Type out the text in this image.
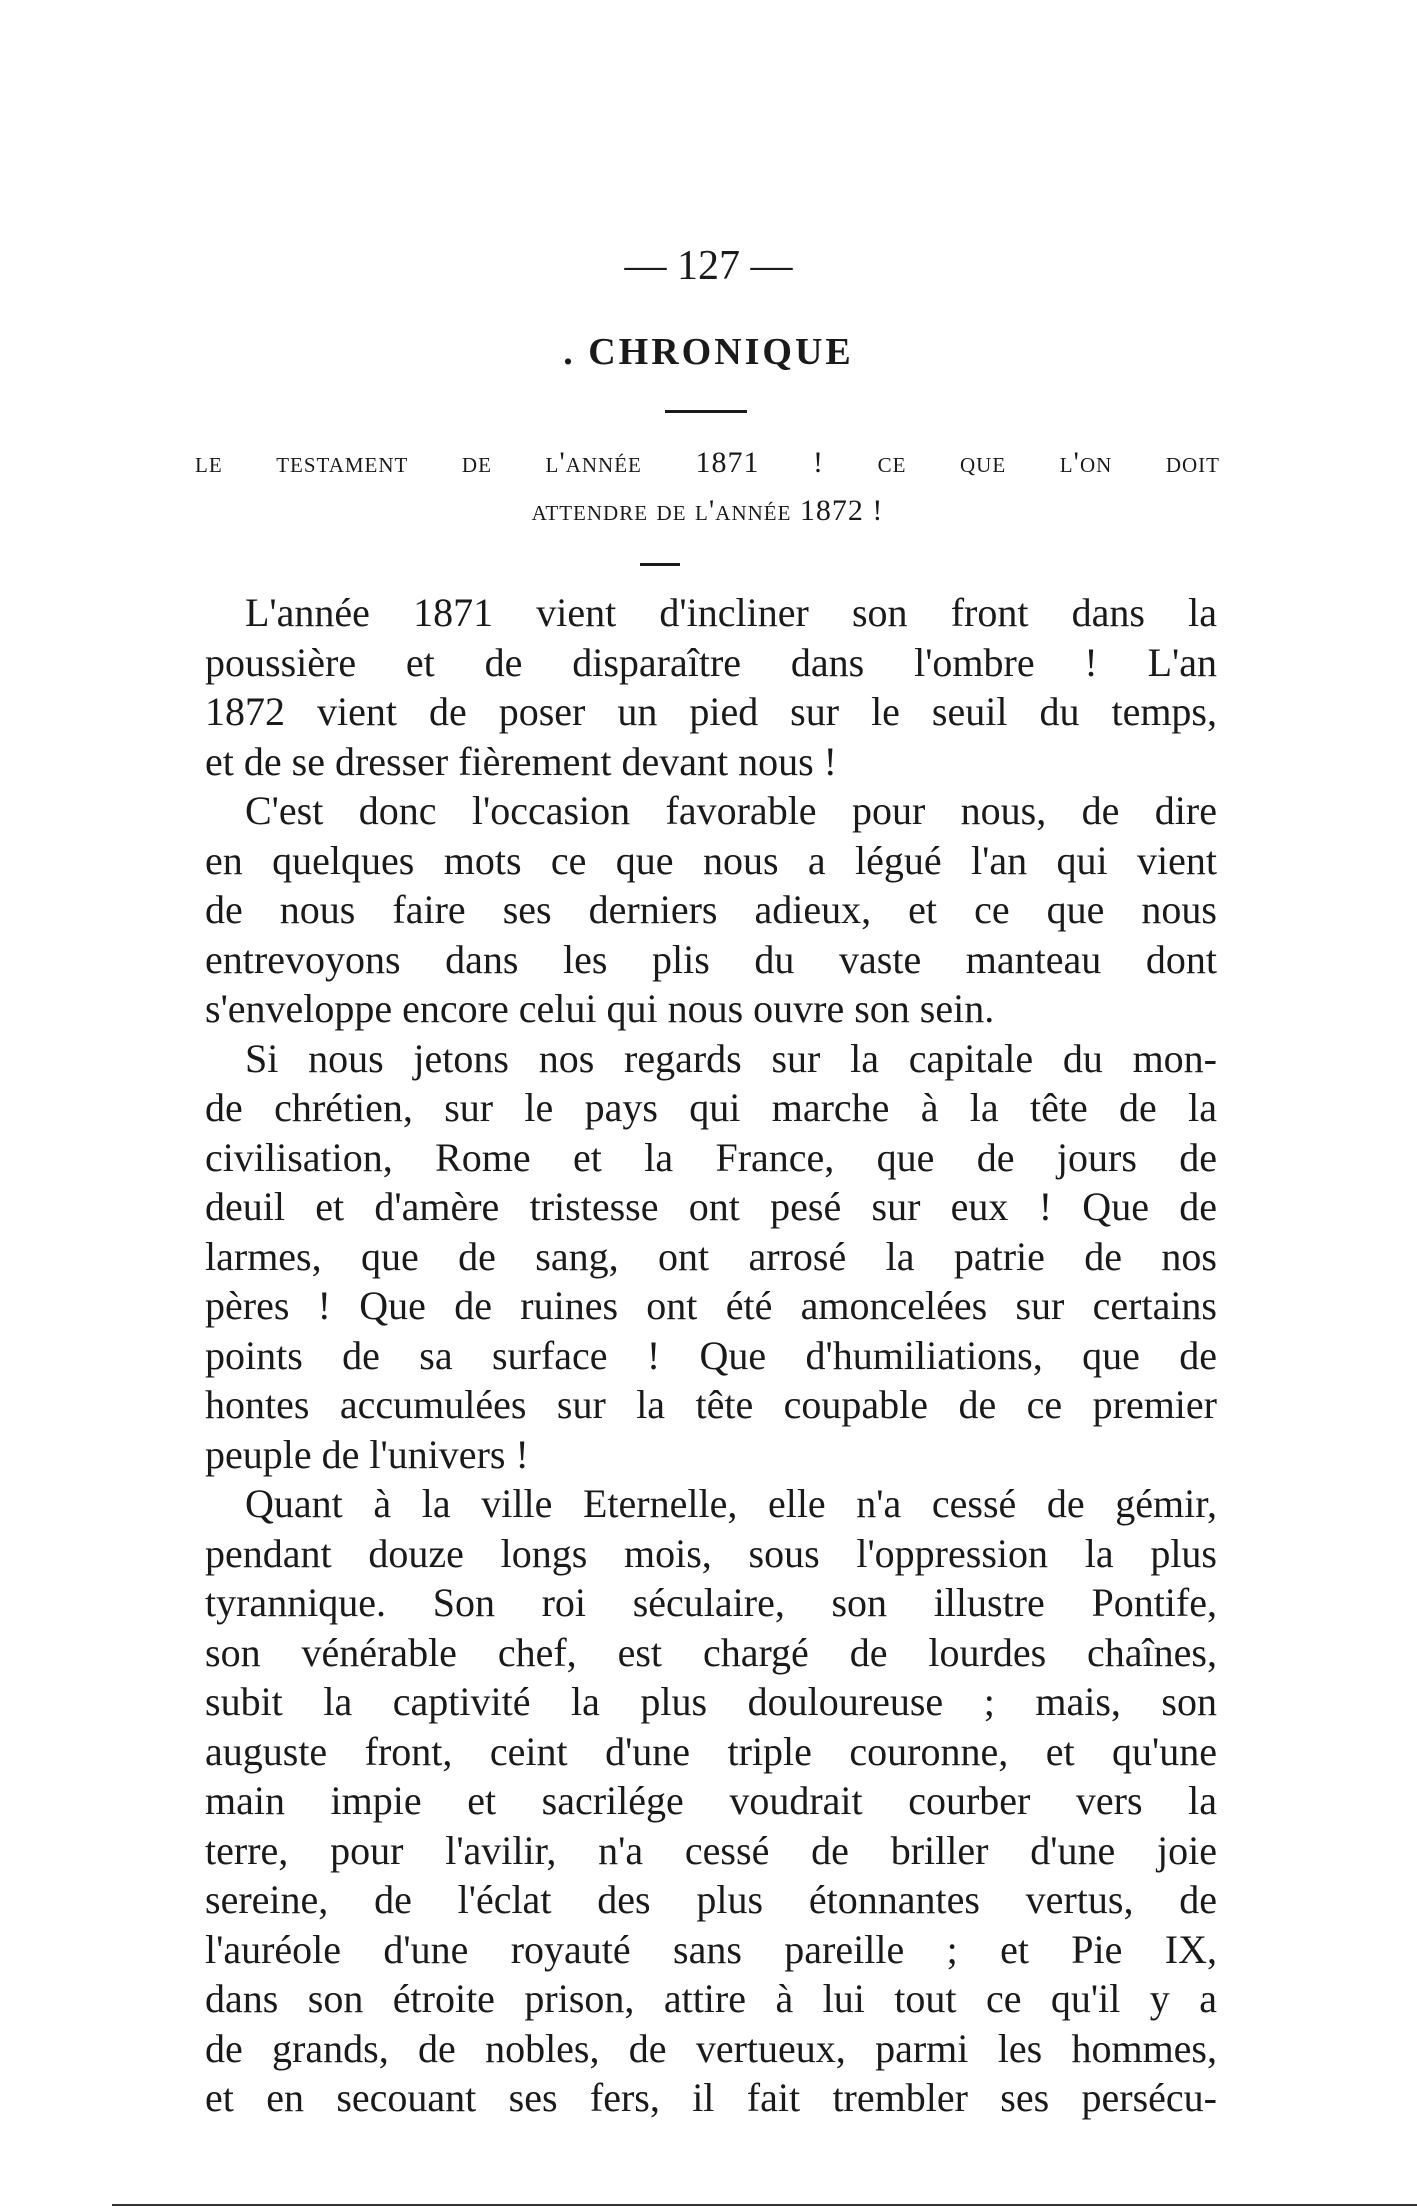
— 127 —
. CHRONIQUE
le testament de l'année 1871 ! ce que l'on doit
attendre de l'année 1872 !
L'année 1871 vient d'incliner son front dans la
poussière et de disparaître dans l'ombre ! L'an
1872 vient de poser un pied sur le seuil du temps,
et de se dresser fièrement devant nous !
C'est donc l'occasion favorable pour nous, de dire
en quelques mots ce que nous a légué l'an qui vient
de nous faire ses derniers adieux, et ce que nous
entrevoyons dans les plis du vaste manteau dont
s'enveloppe encore celui qui nous ouvre son sein.
Si nous jetons nos regards sur la capitale du mon-
de chrétien, sur le pays qui marche à la tête de la
civilisation, Rome et la France, que de jours de
deuil et d'amère tristesse ont pesé sur eux ! Que de
larmes, que de sang, ont arrosé la patrie de nos
pères ! Que de ruines ont été amoncelées sur certains
points de sa surface ! Que d'humiliations, que de
hontes accumulées sur la tête coupable de ce premier
peuple de l'univers !
Quant à la ville Eternelle, elle n'a cessé de gémir,
pendant douze longs mois, sous l'oppression la plus
tyrannique. Son roi séculaire, son illustre Pontife,
son vénérable chef, est chargé de lourdes chaînes,
subit la captivité la plus douloureuse ; mais, son
auguste front, ceint d'une triple couronne, et qu'une
main impie et sacrilége voudrait courber vers la
terre, pour l'avilir, n'a cessé de briller d'une joie
sereine, de l'éclat des plus étonnantes vertus, de
l'auréole d'une royauté sans pareille ; et Pie IX,
dans son étroite prison, attire à lui tout ce qu'il y a
de grands, de nobles, de vertueux, parmi les hommes,
et en secouant ses fers, il fait trembler ses persécu-
